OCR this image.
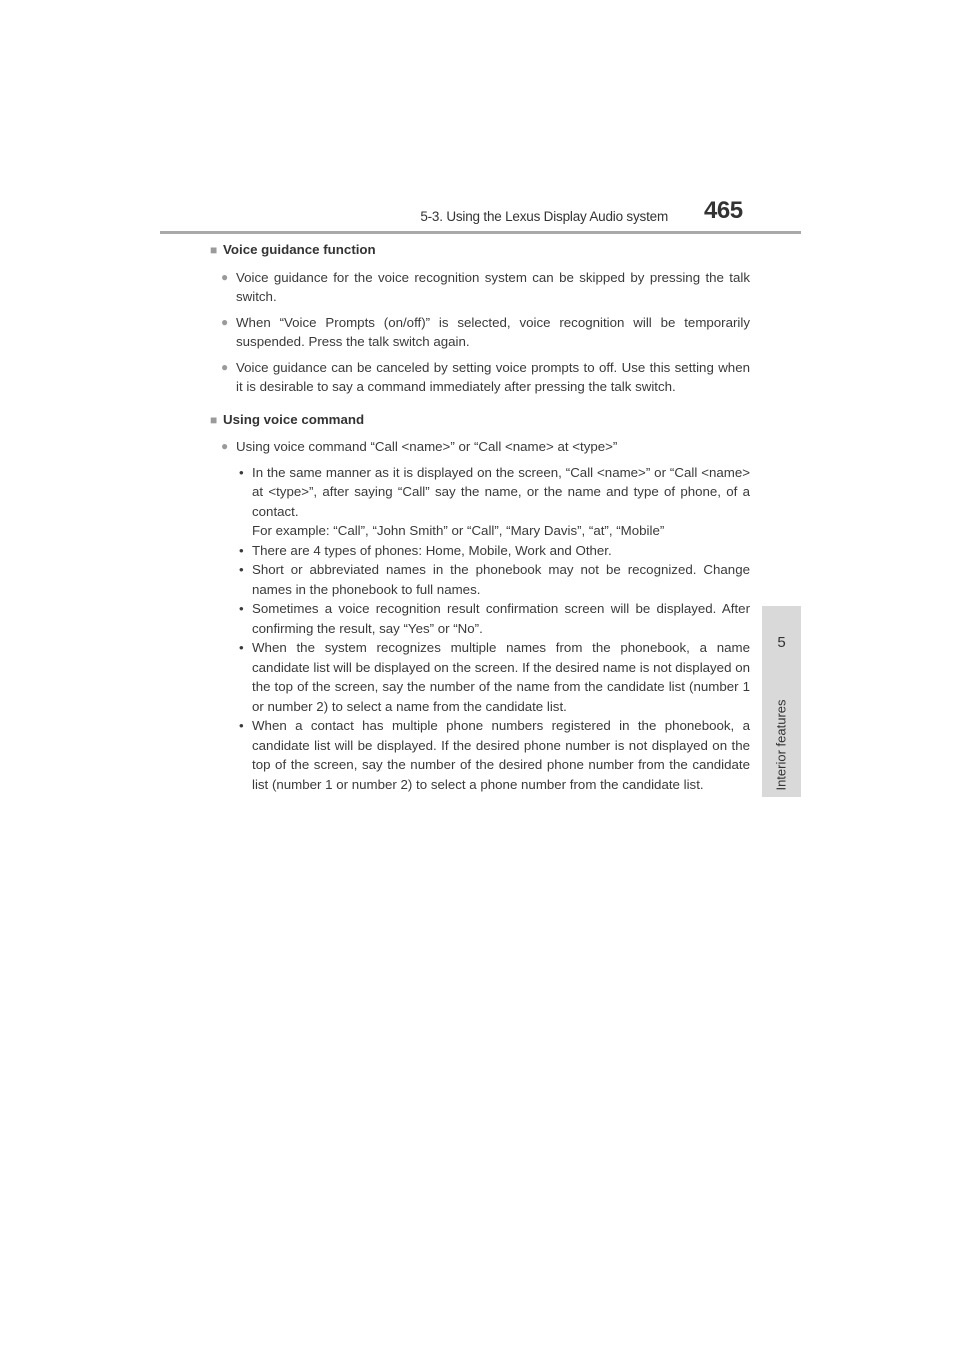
5-3. Using the Lexus Display Audio system 465
5
Interior features
■ Voice guidance function
● Voice guidance for the voice recognition system can be skipped by pressing the talk switch.
● When “Voice Prompts (on/off)” is selected, voice recognition will be temporarily suspended. Press the talk switch again.
● Voice guidance can be canceled by setting voice prompts to off. Use this setting when it is desirable to say a command immediately after pressing the talk switch.
■ Using voice command
● Using voice command “Call <name>” or “Call <name> at <type>”
• In the same manner as it is displayed on the screen, “Call <name>” or “Call <name> at <type>”, after saying “Call” say the name, or the name and type of phone, of a contact.
For example: “Call”, “John Smith” or “Call”, “Mary Davis”, “at”, “Mobile”
• There are 4 types of phones: Home, Mobile, Work and Other.
• Short or abbreviated names in the phonebook may not be recognized. Change names in the phonebook to full names.
• Sometimes a voice recognition result confirmation screen will be displayed. After confirming the result, say “Yes” or “No”.
• When the system recognizes multiple names from the phonebook, a name candidate list will be displayed on the screen. If the desired name is not displayed on the top of the screen, say the number of the name from the candidate list (number 1 or number 2) to select a name from the candidate list.
• When a contact has multiple phone numbers registered in the phonebook, a candidate list will be displayed. If the desired phone number is not displayed on the top of the screen, say the number of the desired phone number from the candidate list (number 1 or number 2) to select a phone number from the candidate list.
